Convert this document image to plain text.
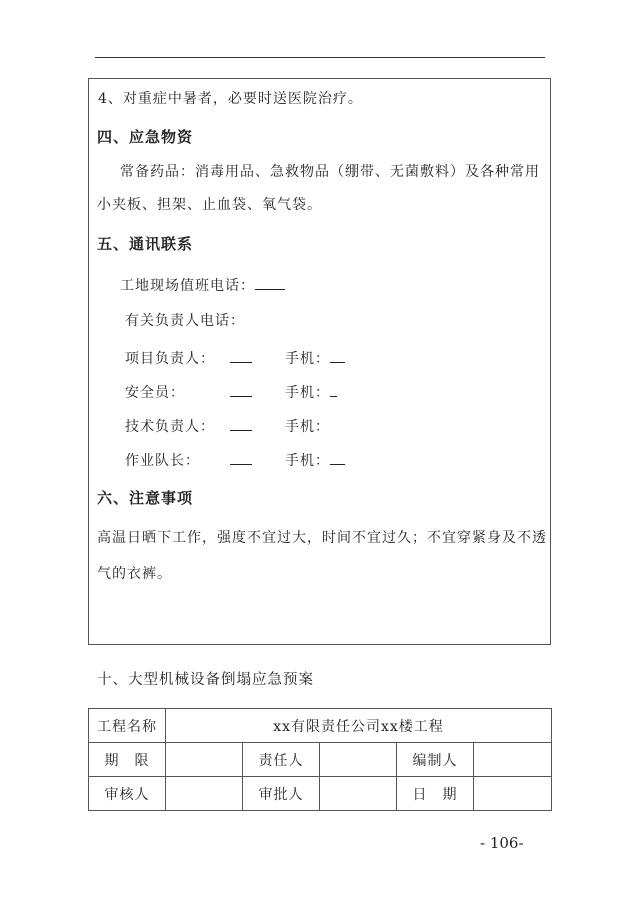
4、对重症中暑者，必要时送医院治疗。
四、应急物资
常备药品：消毒用品、急救物品（绷带、无菌敷料）及各种常用
小夹板、担架、止血袋、氧气袋。
五、通讯联系
工地现场值班电话：
有关负责人电话：
项目负责人：	手机：
安全员：	手机：
技术负责人：	手机：
作业队长：	手机：
六、注意事项
高温日晒下工作，强度不宜过大，时间不宜过久；不宜穿紧身及不透
气的衣裤。
十、大型机械设备倒塌应急预案
工程名称	xx有限责任公司xx楼工程				
期　限		责任人		编制人	
审核人		审批人		日　期	
- 106-
